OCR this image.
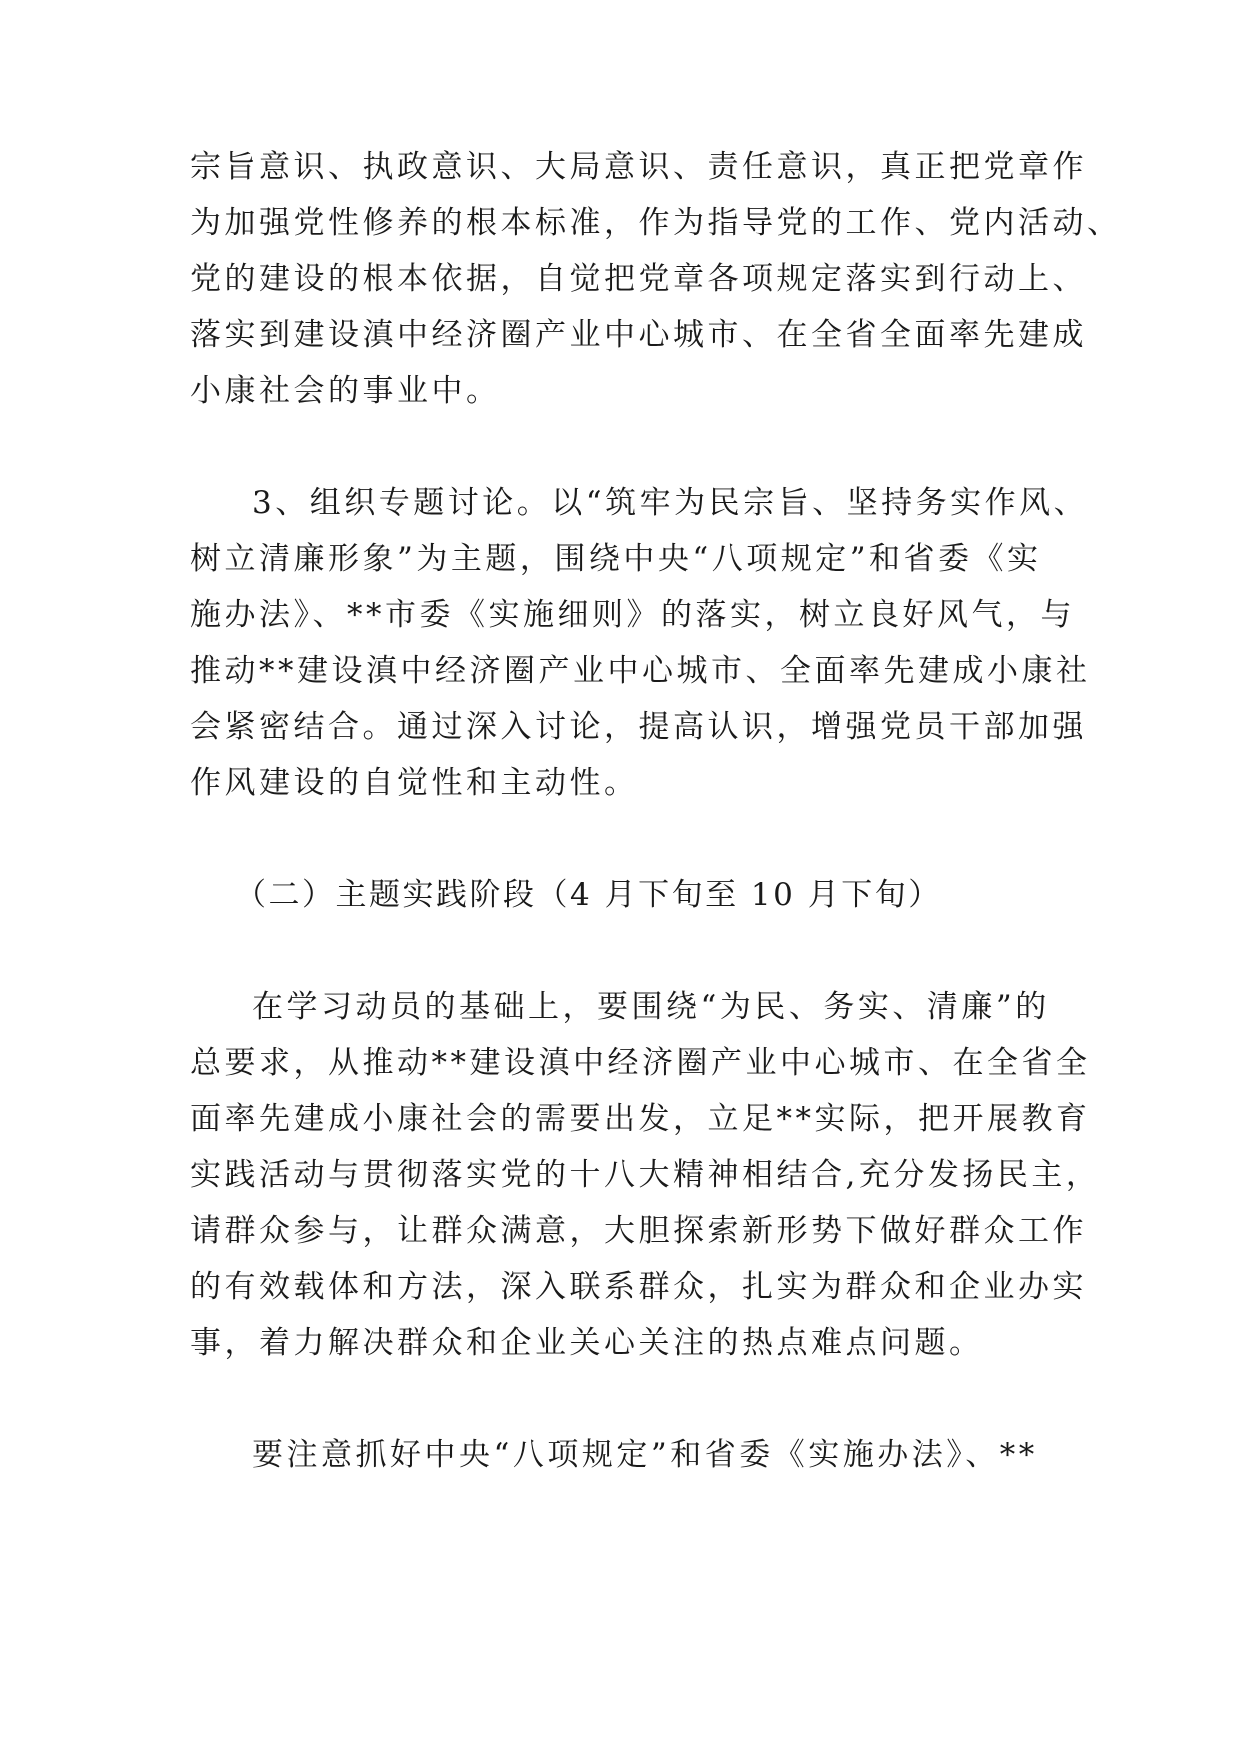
宗旨意识、执政意识、大局意识、责任意识，真正把党章作
为加强党性修养的根本标准，作为指导党的工作、党内活动、
党的建设的根本依据，自觉把党章各项规定落实到行动上、
落实到建设滇中经济圈产业中心城市、在全省全面率先建成
小康社会的事业中。
3、组织专题讨论。以“筑牢为民宗旨、坚持务实作风、
树立清廉形象”为主题，围绕中央“八项规定”和省委《实
施办法》、**市委《实施细则》的落实，树立良好风气，与
推动**建设滇中经济圈产业中心城市、全面率先建成小康社
会紧密结合。通过深入讨论，提高认识，增强党员干部加强
作风建设的自觉性和主动性。
（二）主题实践阶段（4 月下旬至 10 月下旬）
在学习动员的基础上，要围绕“为民、务实、清廉”的
总要求，从推动**建设滇中经济圈产业中心城市、在全省全
面率先建成小康社会的需要出发，立足**实际，把开展教育
实践活动与贯彻落实党的十八大精神相结合,充分发扬民主，
请群众参与，让群众满意，大胆探索新形势下做好群众工作
的有效载体和方法，深入联系群众，扎实为群众和企业办实
事，着力解决群众和企业关心关注的热点难点问题。
要注意抓好中央“八项规定”和省委《实施办法》、**
